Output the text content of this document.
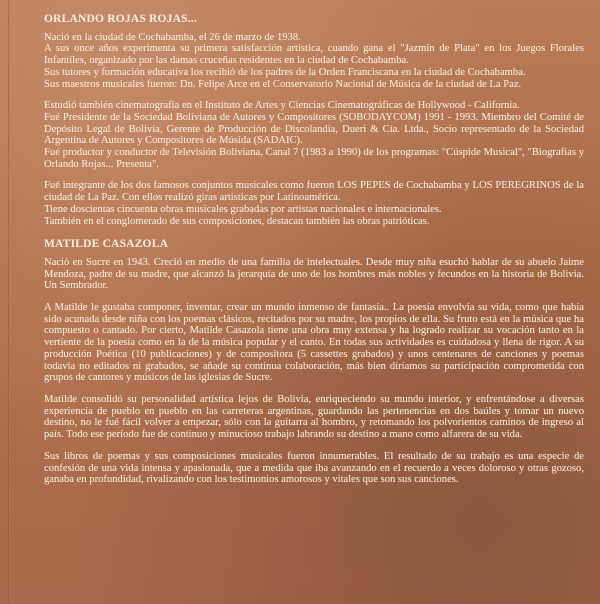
ORLANDO ROJAS ROJAS...

Nació en la ciudad de Cochabamba, el 26 de marzo de 1938.
A sus once años experimenta su primera satisfacción artística, cuando gana el "Jazmín de Plata" en los Juegos Florales Infantiles, organizado por las damas cruceñas residentes en la ciudad de Cochabamba.
Sus tutores y formación educativa los recibió de los padres de la Orden Franciscana en la ciudad de Cochabamba.
Sus maestros musicales fueron: Dn. Felipe Arce en el Conservatorio Nacional de Música de la ciudad de La Paz.

Estudió también cinematografía en el Instituto de Artes y Ciencias Cinematográficas de Hollywood - California.
Fué Presidente de la Sociedad Boliviana de Autores y Compositores (SOBODAYCOM) 1991 - 1993. Miembro del Comité de Depósito Legal de Bolivia, Gerente de Producción de Discolandia, Dueri & Cía. Ltda., Socio representado de la Sociedad Argentina de Autores y Compositores de Músida (SADAIC).
Fué productor y conductor de Televisión Boliviana, Canal 7 (1983 a 1990) de los programas: "Cúspide Musical", "Biografías y Orlando Rojas... Presenta".

Fué integrante de los dos famosos conjuntos musicales como fueron LOS PEPES de Cochabamba y LOS PEREGRINOS de la ciudad de La Paz. Con ellos realizó giras artísticas por Latinoamérica.
Tiene doscientas cincuenta obras musicales grabadas por artistas nacionales e internacionales.
También en el conglomerado de sus composiciones, destacan también las obras patrióticas.

MATILDE CASAZOLA

Nació en Sucre en 1943. Creció en medio de una familia de intelectuales. Desde muy niña esuchó hablar de su abuelo Jaime Mendoza, padre de su madre, que alcanzó la jerarquía de uno de los hombres más nobles y fecundos en la historia de Bolivia. Un Sembrador.

A Matilde le gustaba componer, inventar, crear un mundo inmenso de fantasía.. La poesía envolvía su vida, como que había sido acunada desde niña con los poemas clásicos, recitados por su madre, los propios de ella. Su fruto está en la música que ha compuesto o cantado. Por cierto, Matilde Casazola tiene una obra muy extensa y ha logrado realizar su vocación tanto en la vertiente de la poesía como en la de la música popular y el canto. En todas sus actividades es cuidadosa y llena de rigor. A su producción Poética (10 publicaciones) y de compositora (5 cassettes grabados) y unos centenares de canciones y poemas todavía no editados ni grabados, se añade su continua colaboración, más bien diríamos su participación comprometida con grupos de cantores y músicos de las iglesias de Sucre.

Matilde consolidó su personalidad artística lejos de Bolivia, enriqueciendo su mundo interior, y enfrentándose a diversas experiencia de pueblo en pueblo en las carreteras argentinas, guardando las pertenencias en dos baúles y tomar un nuevo destino, no le fué fácil volver a empezar, sólo con la guitarra al hombro, y retomando los polvorientos caminos de ingreso al país. Todo ese período fue de continuo y minucioso trabajo labrando su destino a mano como alfarera de su vida.

Sus libros de poemas y sus composiciones musicales fueron innumerables. El resultado de su trabajo es una especie de confesión de una vida intensa y apasionada, que a medida que iba avanzando en el recuerdo a veces doloroso y otras gozoso, ganaba en profundidad, rivalizando con los testimonios amorosos y vitales que son sus canciones.
